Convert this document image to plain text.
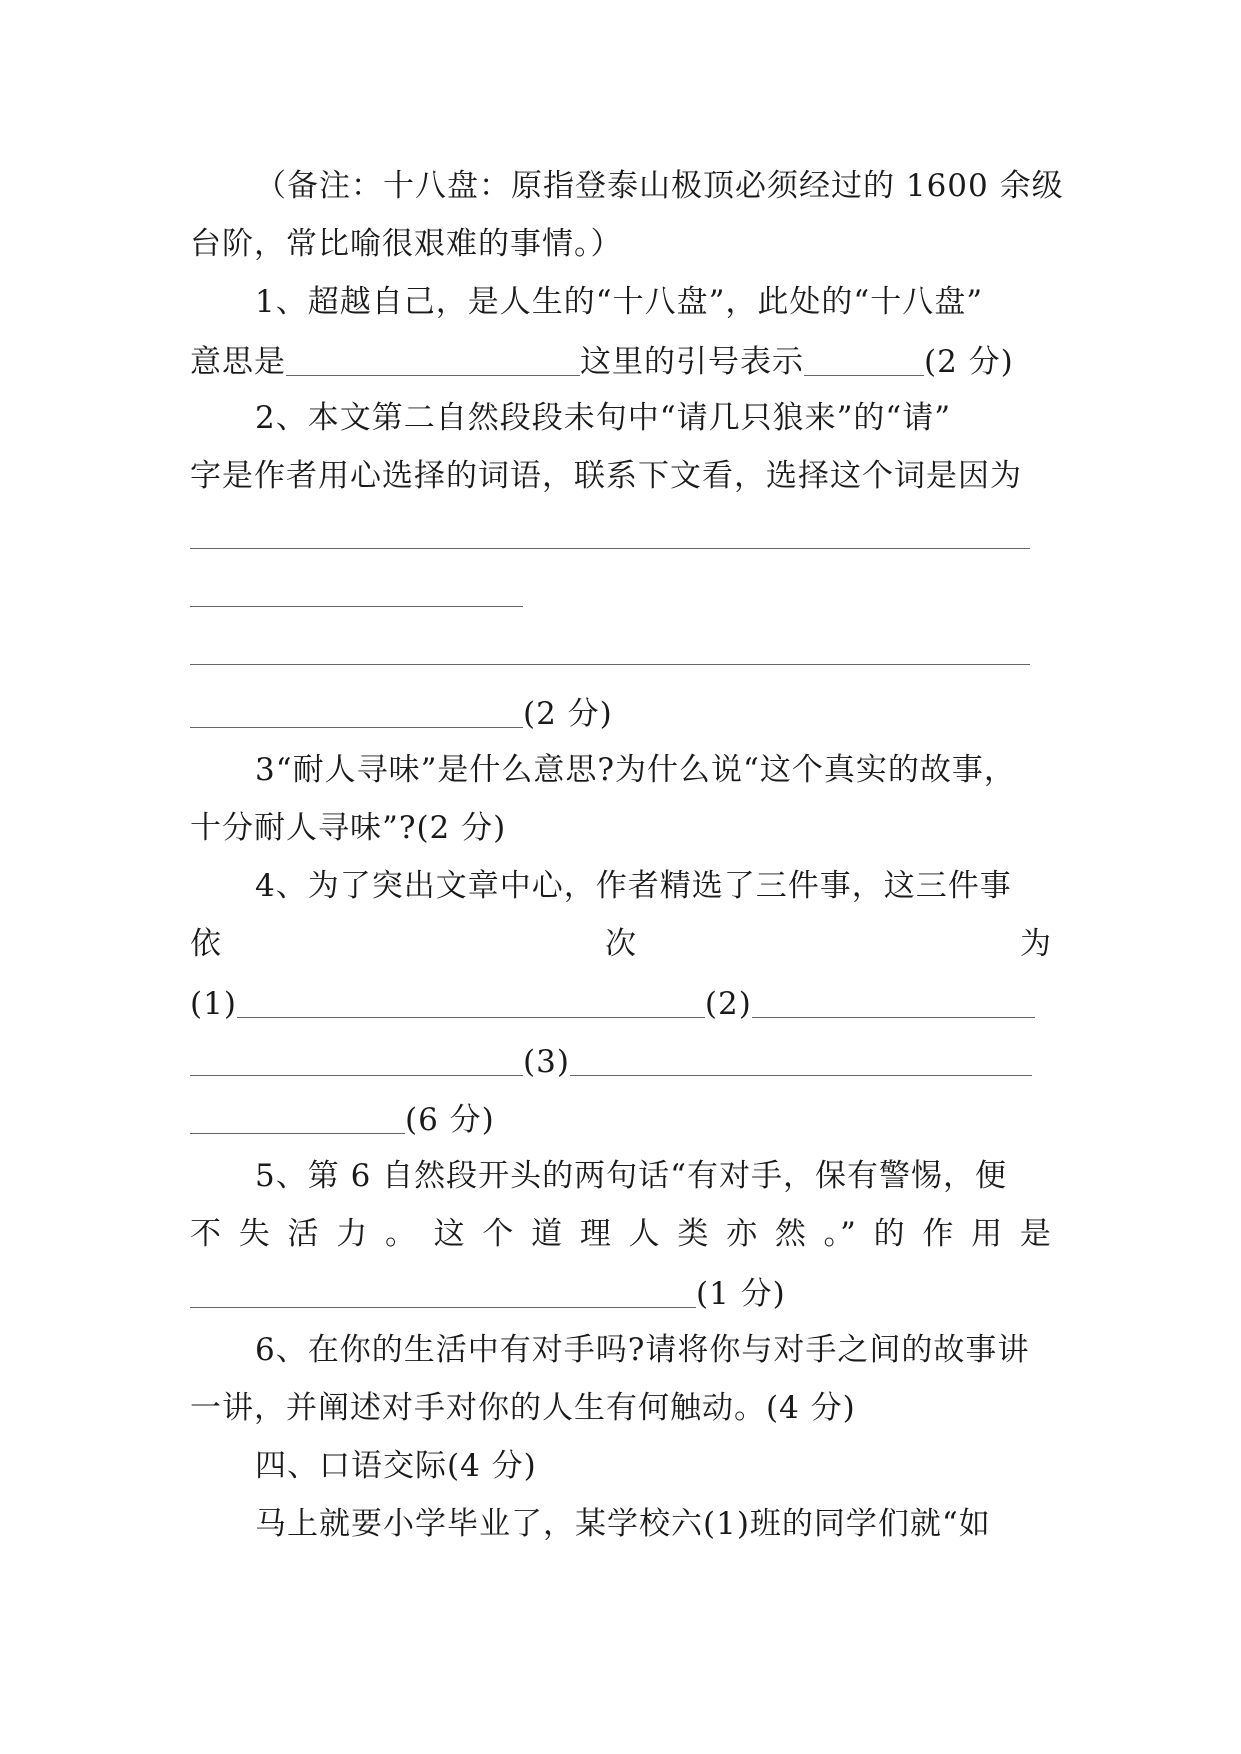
（备注：十八盘：原指登泰山极顶必须经过的 1600 余级
台阶，常比喻很艰难的事情。）
1、超越自己，是人生的“十八盘”，此处的“十八盘”
意思是	这里的引号表示	(2 分)
2、本文第二自然段段未句中“请几只狼来”的“请”
字是作者用心选择的词语，联系下文看，选择这个词是因为
(2 分)
3“耐人寻味”是什么意思?为什么说“这个真实的故事，
十分耐人寻味”?(2 分)
4、为了突出文章中心，作者精选了三件事，这三件事
依	次	为
(1)	(2)
(3)
(6 分)
5、第 6 自然段开头的两句话“有对手，保有警惕，便
不 失 活 力 。 这 个 道 理 人 类 亦 然 。” 的 作 用 是
(1 分)
6、在你的生活中有对手吗?请将你与对手之间的故事讲
一讲，并阐述对手对你的人生有何触动。(4 分)
四、口语交际(4 分)
马上就要小学毕业了，某学校六(1)班的同学们就“如
